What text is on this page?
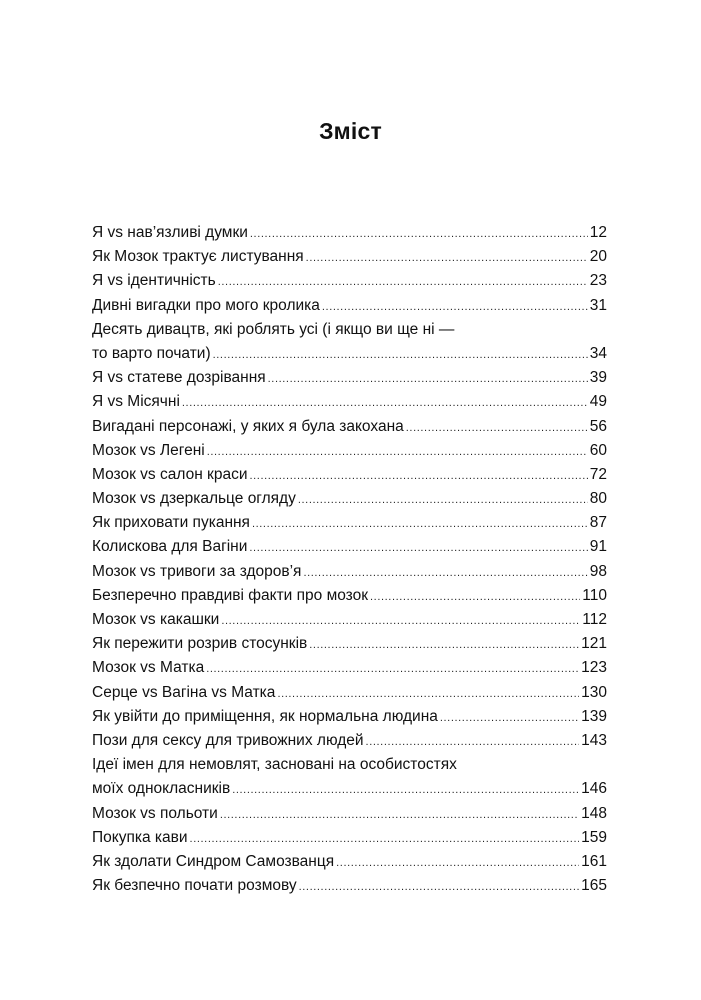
Зміст
Я vs нав’язливі думки .....	12
Як Мозок трактує листування .....	20
Я vs ідентичність .....	23
Дивні вигадки про мого кролика .....	31
Десять дивацтв, які роблять усі (і якщо ви ще ні —
то варто почати) .....	34
Я vs статеве дозрівання .....	39
Я vs Місячні .....	49
Вигадані персонажі, у яких я була закохана .....	56
Мозок vs Легені .....	60
Мозок vs салон краси .....	72
Мозок vs дзеркальце огляду .....	80
Як приховати пукання .....	87
Колискова для Вагіни .....	91
Мозок vs тривоги за здоров’я .....	98
Безперечно правдиві факти про мозок .....	110
Мозок vs какашки .....	112
Як пережити розрив стосунків .....	121
Мозок vs Матка .....	123
Серце vs Вагіна vs Матка .....	130
Як увійти до приміщення, як нормальна людина .....	139
Пози для сексу для тривожних людей .....	143
Ідеї імен для немовлят, засновані на особистостях
моїх однокласників .....	146
Мозок vs польоти .....	148
Покупка кави .....	159
Як здолати Синдром Самозванця .....	161
Як безпечно почати розмову .....	165
